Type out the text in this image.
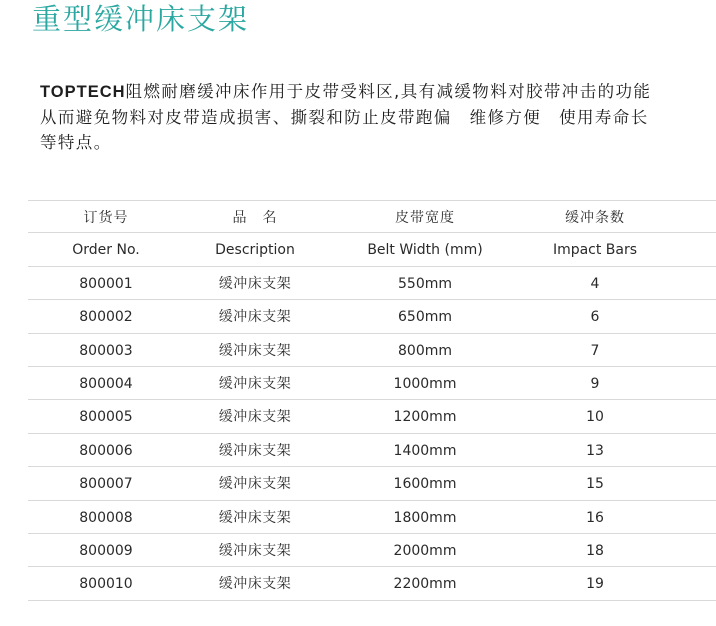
重型缓冲床支架
TOPTECH阻燃耐磨缓冲床作用于皮带受料区,具有减缓物料对胶带冲击的功能
从而避免物料对皮带造成损害、撕裂和防止皮带跑偏　维修方便　使用寿命长
等特点。
订货号	品　名	皮带宽度	缓冲条数
Order No.	Description	Belt Width (mm)	Impact Bars
800001	缓冲床支架	550mm	4
800002	缓冲床支架	650mm	6
800003	缓冲床支架	800mm	7
800004	缓冲床支架	1000mm	9
800005	缓冲床支架	1200mm	10
800006	缓冲床支架	1400mm	13
800007	缓冲床支架	1600mm	15
800008	缓冲床支架	1800mm	16
800009	缓冲床支架	2000mm	18
800010	缓冲床支架	2200mm	19
